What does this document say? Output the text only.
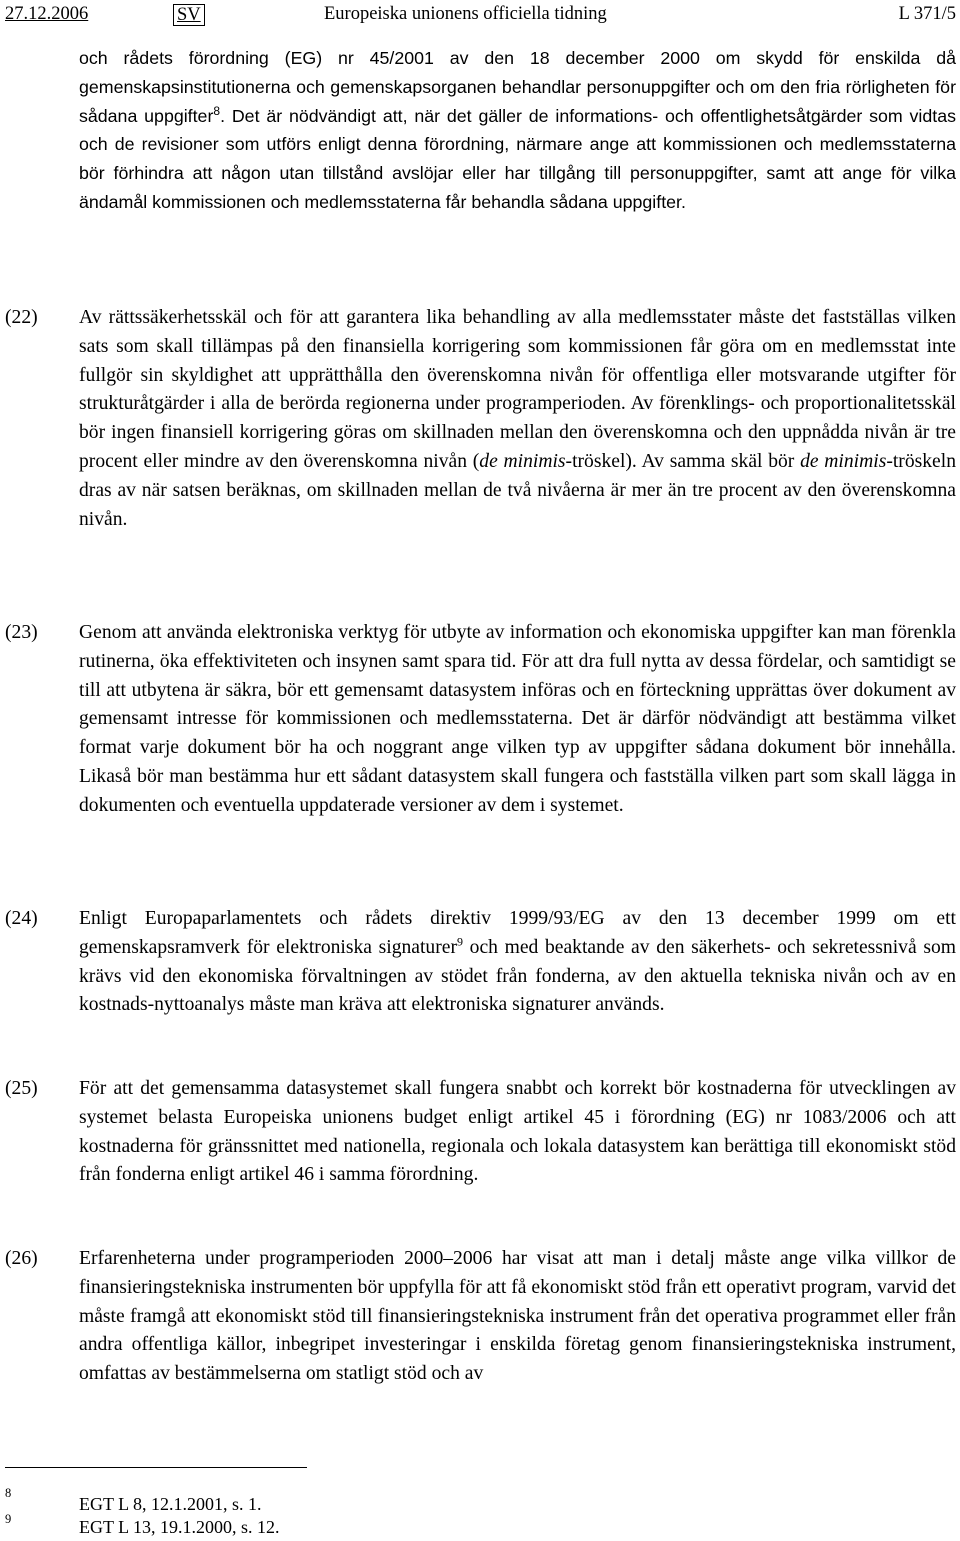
27.12.2006	SV	Europeiska unionens officiella tidning	L 371/5

och rådets förordning (EG) nr 45/2001 av den 18 december 2000 om skydd för enskilda då gemenskapsinstitutionerna och gemenskapsorganen behandlar personuppgifter och om den fria rörligheten för sådana uppgifter$^8$. Det är nödvändigt att, när det gäller de informations- och offentlighetsåtgärder som vidtas och de revisioner som utförs enligt denna förordning, närmare ange att kommissionen och medlemsstaterna bör förhindra att någon utan tillstånd avslöjar eller har tillgång till personuppgifter, samt att ange för vilka ändamål kommissionen och medlemsstaterna får behandla sådana uppgifter.

(22) Av rättssäkerhetsskäl och för att garantera lika behandling av alla medlemsstater måste det fastställas vilken sats som skall tillämpas på den finansiella korrigering som kommissionen får göra om en medlemsstat inte fullgör sin skyldighet att upprätthålla den överenskomna nivån för offentliga eller motsvarande utgifter för strukturåtgärder i alla de berörda regionerna under programperioden. Av förenklings- och proportionalitetsskäl bör ingen finansiell korrigering göras om skillnaden mellan den överenskomna och den uppnådda nivån är tre procent eller mindre av den överenskomna nivån (de minimis-tröskel). Av samma skäl bör de minimis-tröskeln dras av när satsen beräknas, om skillnaden mellan de två nivåerna är mer än tre procent av den överenskomna nivån.

(23) Genom att använda elektroniska verktyg för utbyte av information och ekonomiska uppgifter kan man förenkla rutinerna, öka effektiviteten och insynen samt spara tid. För att dra full nytta av dessa fördelar, och samtidigt se till att utbytena är säkra, bör ett gemensamt datasystem införas och en förteckning upprättas över dokument av gemensamt intresse för kommissionen och medlemsstaterna. Det är därför nödvändigt att bestämma vilket format varje dokument bör ha och noggrant ange vilken typ av uppgifter sådana dokument bör innehålla. Likaså bör man bestämma hur ett sådant datasystem skall fungera och fastställa vilken part som skall lägga in dokumenten och eventuella uppdaterade versioner av dem i systemet.

(24) Enligt Europaparlamentets och rådets direktiv 1999/93/EG av den 13 december 1999 om ett gemenskapsramverk för elektroniska signaturer$^9$ och med beaktande av den säkerhets- och sekretessnivå som krävs vid den ekonomiska förvaltningen av stödet från fonderna, av den aktuella tekniska nivån och av en kostnads-nyttoanalys måste man kräva att elektroniska signaturer används.

(25) För att det gemensamma datasystemet skall fungera snabbt och korrekt bör kostnaderna för utvecklingen av systemet belasta Europeiska unionens budget enligt artikel 45 i förordning (EG) nr 1083/2006 och att kostnaderna för gränssnittet med nationella, regionala och lokala datasystem kan berättiga till ekonomiskt stöd från fonderna enligt artikel 46 i samma förordning.

(26) Erfarenheterna under programperioden 2000–2006 har visat att man i detalj måste ange vilka villkor de finansieringstekniska instrumenten bör uppfylla för att få ekonomiskt stöd från ett operativt program, varvid det måste framgå att ekonomiskt stöd till finansieringstekniska instrument från det operativa programmet eller från andra offentliga källor, inbegripet investeringar i enskilda företag genom finansieringstekniska instrument, omfattas av bestämmelserna om statligt stöd och av

8
EGT L 8, 12.1.2001, s. 1.
9	EGT L 13, 19.1.2000, s. 12.
